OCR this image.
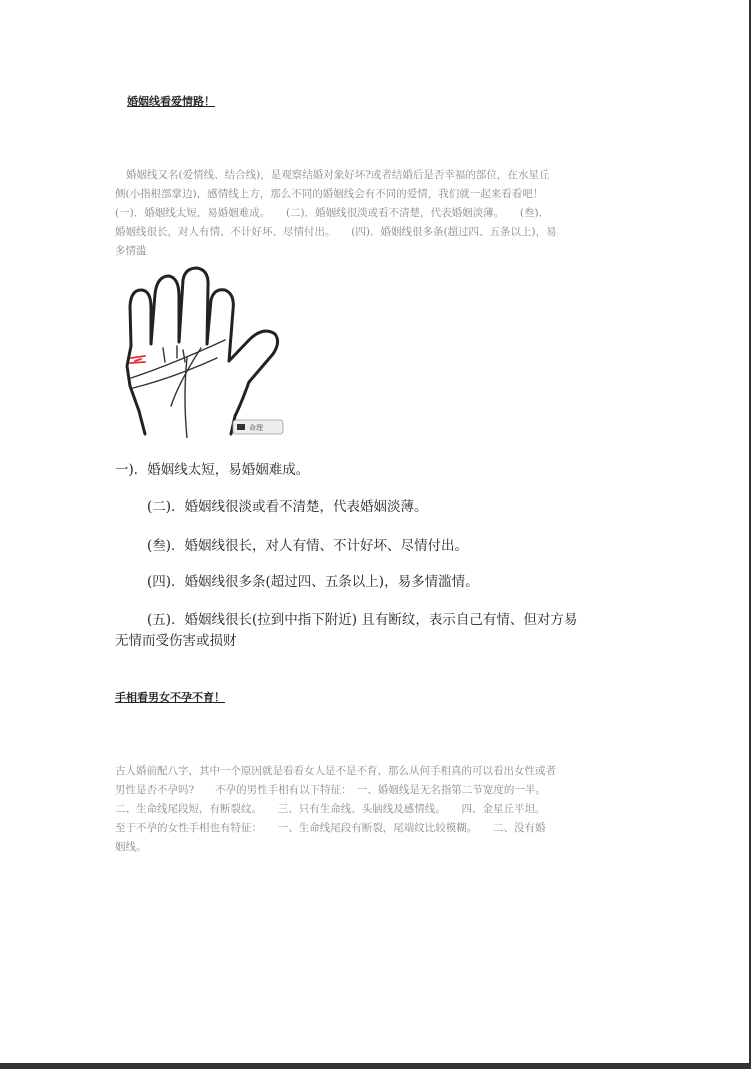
婚姻线看爱情路！

婚姻线又名(爱情线、结合线)，是观察结婚对象好坏?或者结婚后是否幸福的部位，在水星丘

侧(小指根部掌边)，感情线上方，那么不同的婚姻线会有不同的爱情，我们就一起来看看吧！

(一)．婚姻线太短，易婚姻难成。　　(二)．婚姻线很淡或看不清楚，代表婚姻淡薄。　　(叁)．

婚姻线很长，对人有情、不计好坏、尽情付出。　　(四)．婚姻线很多条(超过四、五条以上)，易

多情滥

命理
一)．婚姻线太短，易婚姻难成。
(二)．婚姻线很淡或看不清楚，代表婚姻淡薄。
(叁)．婚姻线很长，对人有情、不计好坏、尽情付出。
(四)．婚姻线很多条(超过四、五条以上)，易多情滥情。
(五)．婚姻线很长(拉到中指下附近) 且有断纹，表示自己有情、但对方易
无情而受伤害或损财
手相看男女不孕不育！

古人婚前配八字，其中一个原因就是看看女人是不是不育，那么从何手相真的可以看出女性或者

男性是否不孕吗?　　不孕的男性手相有以下特征：　一、婚姻线是无名指第二节宽度的一半。

二、生命线尾段短，有断裂纹。　　三、只有生命线、头脑线及感情线。　　四、金星丘平坦。

至于不孕的女性手相也有特征：　　一、生命线尾段有断裂，尾端纹比较模糊。　　二、没有婚

姻线。
